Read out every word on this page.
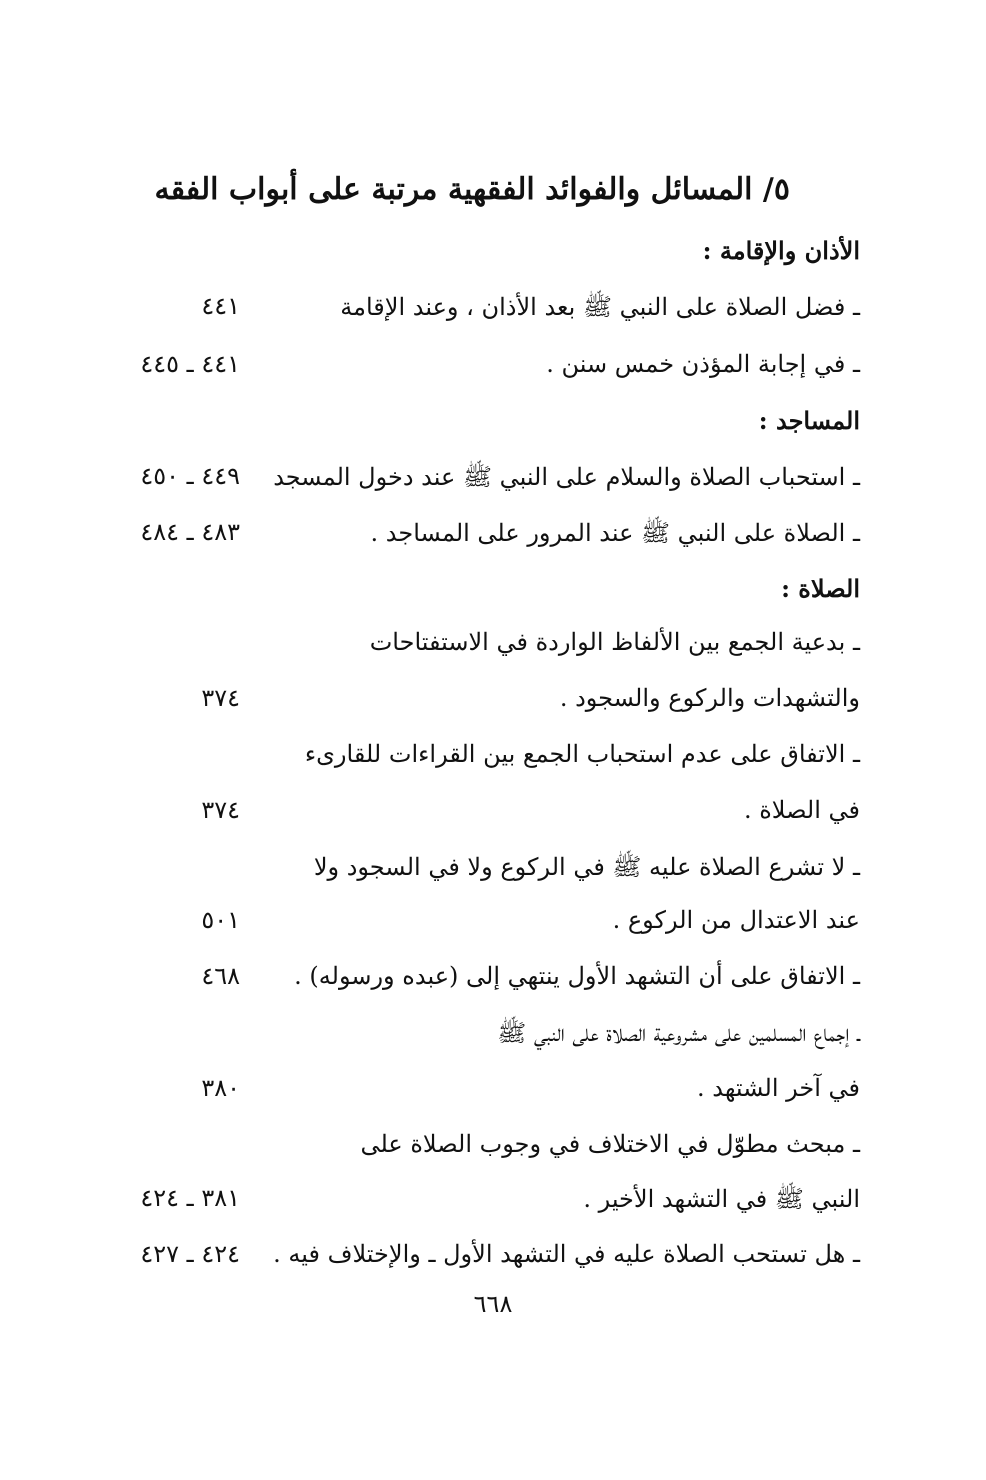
٥/ المسائل والفوائد الفقهية مرتبة على أبواب الفقه
الأذان والإقامة :
ـ فضل الصلاة على النبي ﷺ بعد الأذان ، وعند الإقامة
٤٤١
ـ في إجابة المؤذن خمس سنن .
٤٤١ ـ ٤٤٥
المساجد :
ـ استحباب الصلاة والسلام على النبي ﷺ عند دخول المسجد
٤٤٩ ـ ٤٥٠
ـ الصلاة على النبي ﷺ عند المرور على المساجد .
٤٨٣ ـ ٤٨٤
الصلاة :
ـ بدعية الجمع بين الألفاظ الواردة في الاستفتاحات
والتشهدات والركوع والسجود .
٣٧٤
ـ الاتفاق على عدم استحباب الجمع بين القراءات للقارىء
في الصلاة .
٣٧٤
ـ لا تشرع الصلاة عليه ﷺ في الركوع ولا في السجود ولا
عند الاعتدال من الركوع .
٥٠١
ـ الاتفاق على أن التشهد الأول ينتهي إلى (عبده ورسوله) .
٤٦٨
ـ إجماع المسلمين على مشروعية الصلاة على النبي ﷺ
في آخر الشتهد .
٣٨٠
ـ مبحث مطوّل في الاختلاف في وجوب الصلاة على
النبي ﷺ في التشهد الأخير .
٣٨١ ـ ٤٢٤
ـ هل تستحب الصلاة عليه في التشهد الأول ـ والإختلاف فيه .
٤٢٤ ـ ٤٢٧
٦٦٨
